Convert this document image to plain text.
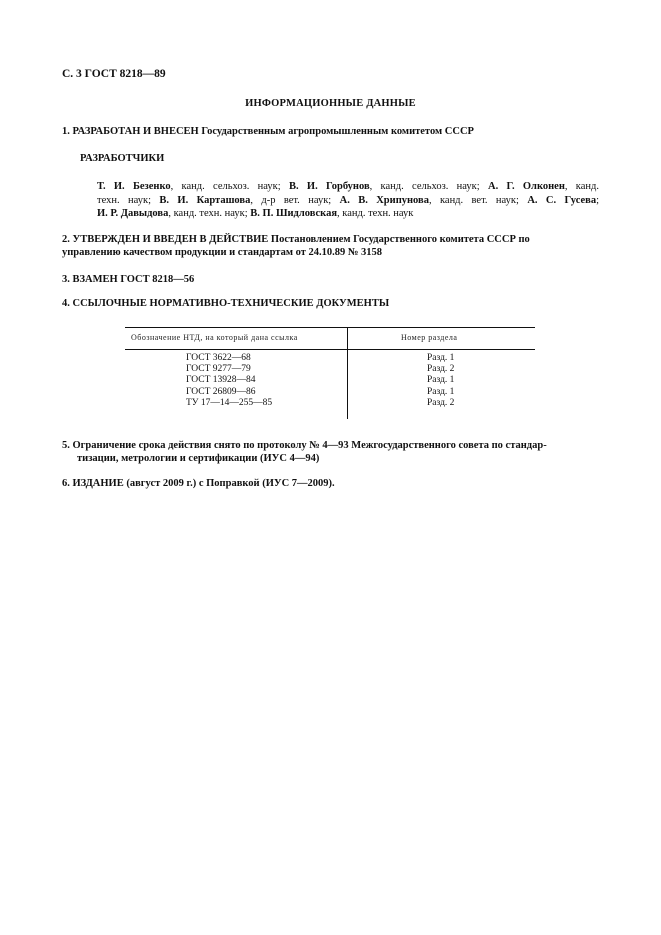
С. 3 ГОСТ 8218—89
ИНФОРМАЦИОННЫЕ ДАННЫЕ
1. РАЗРАБОТАН И ВНЕСЕН Государственным агропромышленным комитетом СССР
РАЗРАБОТЧИКИ
Т. И. Безенко, канд. сельхоз. наук; В. И. Горбунов, канд. сельхоз. наук; А. Г. Олконен, канд.
техн. наук; В. И. Карташова, д-р вет. наук; А. В. Хрипунова, канд. вет. наук; А. С. Гусева;
И. Р. Давыдова, канд. техн. наук; В. П. Шидловская, канд. техн. наук
2. УТВЕРЖДЕН И ВВЕДЕН В ДЕЙСТВИЕ Постановлением Государственного комитета СССР по
управлению качеством продукции и стандартам от 24.10.89 № 3158
3. ВЗАМЕН ГОСТ 8218—56
4. ССЫЛОЧНЫЕ НОРМАТИВНО-ТЕХНИЧЕСКИЕ ДОКУМЕНТЫ
Обозначение НТД, на который дана ссылка	Номер раздела
ГОСТ 3622—68
ГОСТ 9277—79
ГОСТ 13928—84
ГОСТ 26809—86
ТУ 17—14—255—85
Разд. 1
Разд. 2
Разд. 1
Разд. 1
Разд. 2
5. Ограничение срока действия снято по протоколу № 4—93 Межгосударственного совета по стандар-
тизации, метрологии и сертификации (ИУС 4—94)
6. ИЗДАНИЕ (август 2009 г.) с Поправкой (ИУС 7—2009).
